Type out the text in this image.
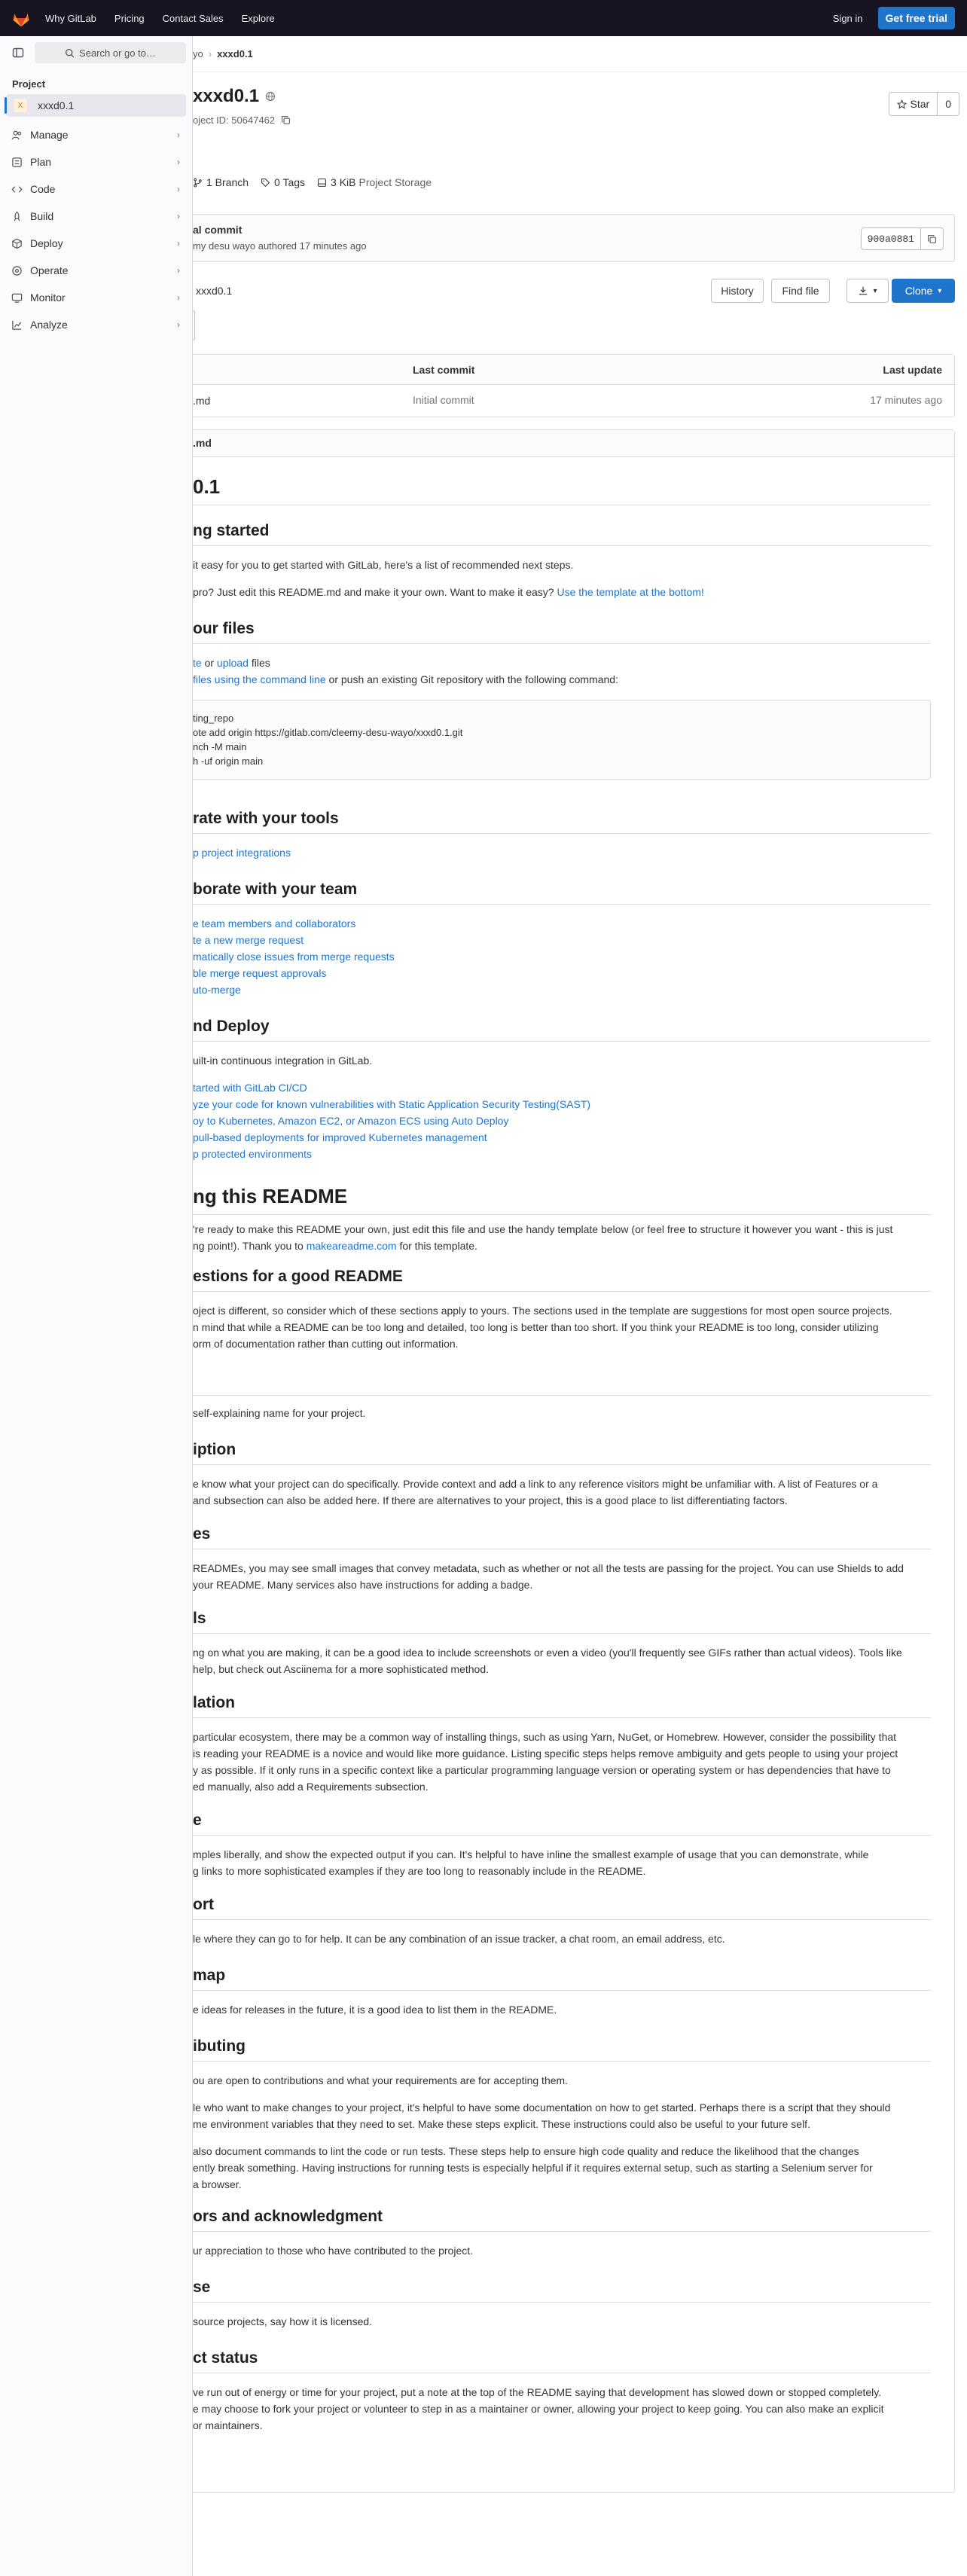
Why GitLab Pricing Contact Sales Explore	Sign in	Get free trial
Search or go to…
Project
X	xxxd0.1
Manage	›
Plan	›
Code	›
Build	›
Deploy	›
Operate	›
Monitor	›
Analyze	›
yo › xxxd0.1
xxxd0.1
oject ID: 50647462
Star	0
1 Branch 0 Tags 3 KiB Project Storage
al commit
my desu wayo authored 17 minutes ago
900a0881
xxxd0.1	History	Find file	▾	Clone ▾
Last commit	Last update
.md	Initial commit	17 minutes ago
.md
0.1
ng started
it easy for you to get started with GitLab, here's a list of recommended next steps.
pro? Just edit this README.md and make it your own. Want to make it easy? Use the template at the bottom!
our files
te or upload files
files using the command line or push an existing Git repository with the following command:
ting_repo
ote add origin https://gitlab.com/cleemy-desu-wayo/xxxd0.1.git
nch -M main
h -uf origin main
rate with your tools
p project integrations
borate with your team
e team members and collaborators
te a new merge request
matically close issues from merge requests
ble merge request approvals
uto-merge
nd Deploy
uilt-in continuous integration in GitLab.
tarted with GitLab CI/CD
yze your code for known vulnerabilities with Static Application Security Testing(SAST)
oy to Kubernetes, Amazon EC2, or Amazon ECS using Auto Deploy
pull-based deployments for improved Kubernetes management
p protected environments
ng this README
're ready to make this README your own, just edit this file and use the handy template below (or feel free to structure it however you want - this is just
ng point!). Thank you to makeareadme.com for this template.
estions for a good README
oject is different, so consider which of these sections apply to yours. The sections used in the template are suggestions for most open source projects.
n mind that while a README can be too long and detailed, too long is better than too short. If you think your README is too long, consider utilizing
orm of documentation rather than cutting out information.
self-explaining name for your project.
iption
e know what your project can do specifically. Provide context and add a link to any reference visitors might be unfamiliar with. A list of Features or a
and subsection can also be added here. If there are alternatives to your project, this is a good place to list differentiating factors.
es
READMEs, you may see small images that convey metadata, such as whether or not all the tests are passing for the project. You can use Shields to add
your README. Many services also have instructions for adding a badge.
ls
ng on what you are making, it can be a good idea to include screenshots or even a video (you'll frequently see GIFs rather than actual videos). Tools like
help, but check out Asciinema for a more sophisticated method.
lation
particular ecosystem, there may be a common way of installing things, such as using Yarn, NuGet, or Homebrew. However, consider the possibility that
is reading your README is a novice and would like more guidance. Listing specific steps helps remove ambiguity and gets people to using your project
y as possible. If it only runs in a specific context like a particular programming language version or operating system or has dependencies that have to
ed manually, also add a Requirements subsection.
e
mples liberally, and show the expected output if you can. It's helpful to have inline the smallest example of usage that you can demonstrate, while
g links to more sophisticated examples if they are too long to reasonably include in the README.
ort
le where they can go to for help. It can be any combination of an issue tracker, a chat room, an email address, etc.
map
e ideas for releases in the future, it is a good idea to list them in the README.
ibuting
ou are open to contributions and what your requirements are for accepting them.
le who want to make changes to your project, it's helpful to have some documentation on how to get started. Perhaps there is a script that they should
me environment variables that they need to set. Make these steps explicit. These instructions could also be useful to your future self.
also document commands to lint the code or run tests. These steps help to ensure high code quality and reduce the likelihood that the changes
ently break something. Having instructions for running tests is especially helpful if it requires external setup, such as starting a Selenium server for
a browser.
ors and acknowledgment
ur appreciation to those who have contributed to the project.
se
source projects, say how it is licensed.
ct status
ve run out of energy or time for your project, put a note at the top of the README saying that development has slowed down or stopped completely.
e may choose to fork your project or volunteer to step in as a maintainer or owner, allowing your project to keep going. You can also make an explicit
or maintainers.
